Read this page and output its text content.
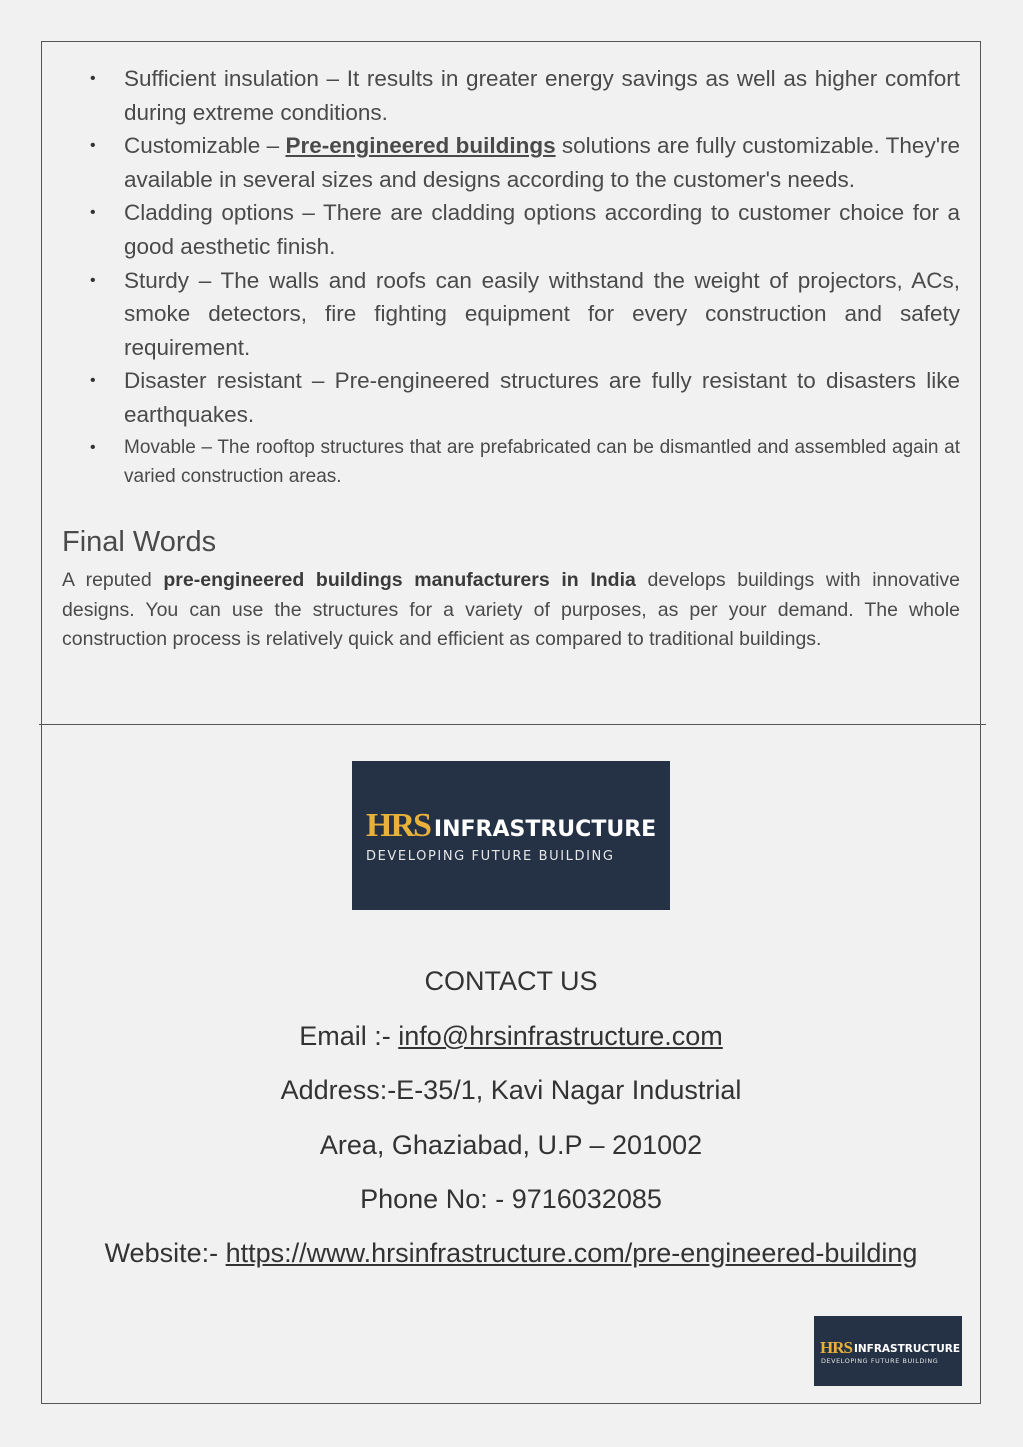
• Sufficient insulation – It results in greater energy savings as well as higher comfort during extreme conditions.
• Customizable – Pre-engineered buildings solutions are fully customizable. They're available in several sizes and designs according to the customer's needs.
• Cladding options – There are cladding options according to customer choice for a good aesthetic finish.
• Sturdy – The walls and roofs can easily withstand the weight of projectors, ACs, smoke detectors, fire fighting equipment for every construction and safety requirement.
• Disaster resistant – Pre-engineered structures are fully resistant to disasters like earthquakes.
• Movable – The rooftop structures that are prefabricated can be dismantled and assembled again at varied construction areas.
Final Words

A reputed pre-engineered buildings manufacturers in India develops buildings with innovative designs. You can use the structures for a variety of purposes, as per your demand. The whole construction process is relatively quick and efficient as compared to traditional buildings.

HRS INFRASTRUCTURE
DEVELOPING FUTURE BUILDING
CONTACT US
Email :- info@hrsinfrastructure.com
Address:-E-35/1, Kavi Nagar Industrial
Area, Ghaziabad, U.P – 201002
Phone No: - 9716032085
Website:- https://www.hrsinfrastructure.com/pre-engineered-building
HRS INFRASTRUCTURE
DEVELOPING FUTURE BUILDING
